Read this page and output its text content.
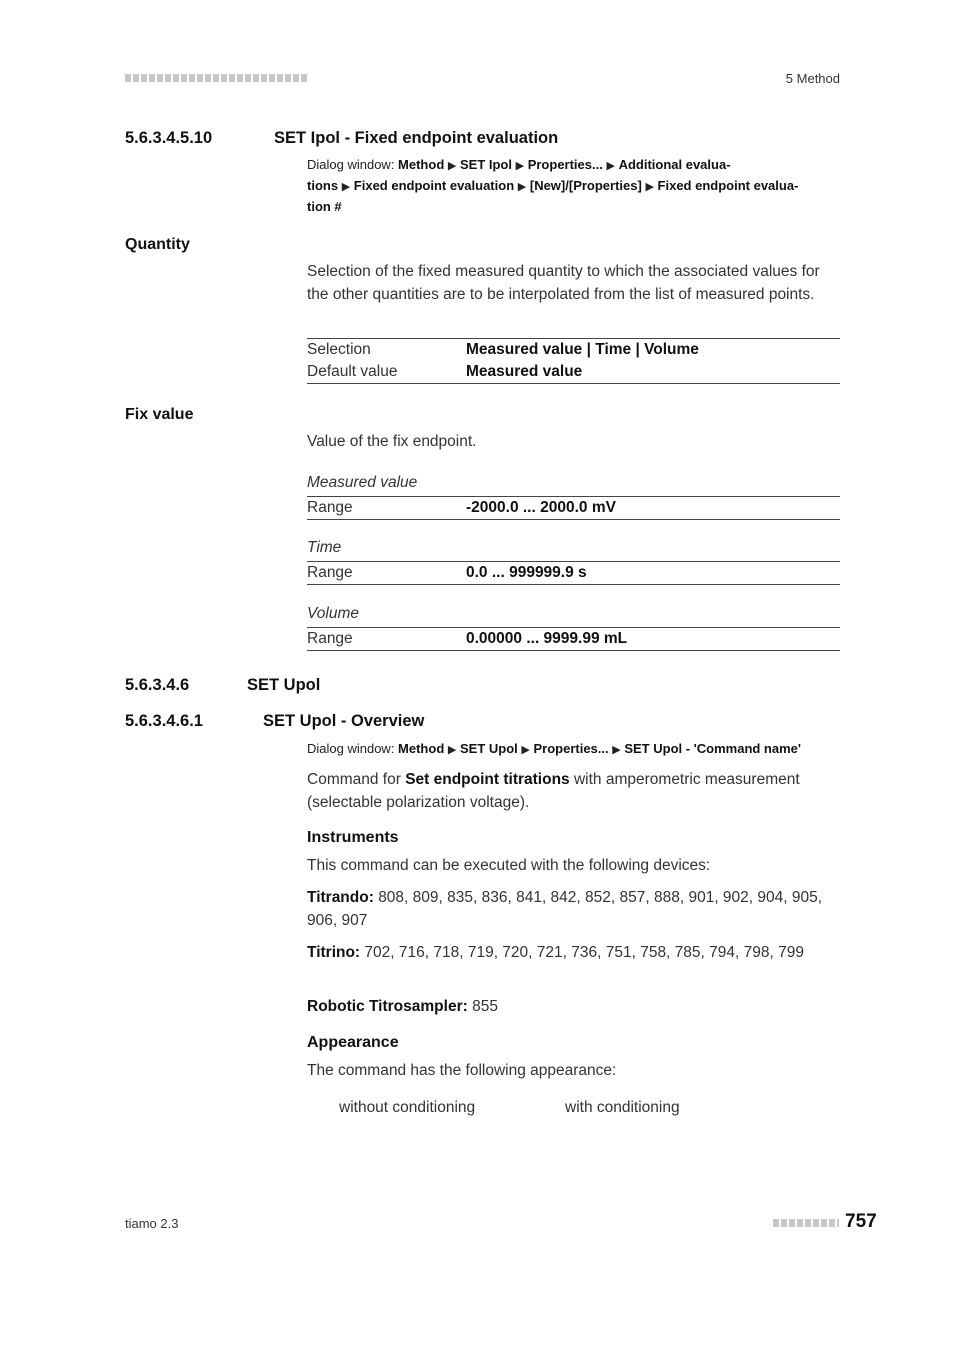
5 Method
5.6.3.4.5.10	SET Ipol - Fixed endpoint evaluation
Dialog window: Method ▶ SET Ipol ▶ Properties... ▶ Additional evalua-
tions ▶ Fixed endpoint evaluation ▶ [New]/[Properties] ▶ Fixed endpoint evalua-
tion #
Quantity
Selection of the fixed measured quantity to which the associated values for the other quantities are to be interpolated from the list of measured points.
Selection	Measured value | Time | Volume
Default value	Measured value
Fix value
Value of the fix endpoint.
Measured value
Range	-2000.0 ... 2000.0 mV
Time
Range	0.0 ... 999999.9 s
Volume
Range	0.00000 ... 9999.99 mL
5.6.3.4.6	SET Upol
5.6.3.4.6.1	SET Upol - Overview
Dialog window: Method ▶ SET Upol ▶ Properties... ▶ SET Upol - 'Command name'
Command for Set endpoint titrations with amperometric measurement (selectable polarization voltage).
Instruments
This command can be executed with the following devices:
Titrando: 808, 809, 835, 836, 841, 842, 852, 857, 888, 901, 902, 904, 905, 906, 907
Titrino: 702, 716, 718, 719, 720, 721, 736, 751, 758, 785, 794, 798, 799
Robotic Titrosampler: 855
Appearance
The command has the following appearance:
without conditioning	with conditioning
tiamo 2.3	757
